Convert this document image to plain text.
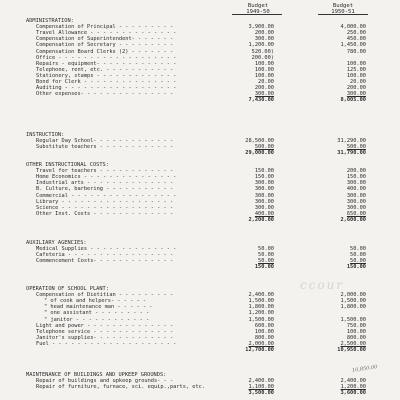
ccour
Budget
1949-50
Budget
1950-51
ADMINISTRATION:
Compensation of Principal - - - - - - - - -	3,900.00	4,000.00
Travel Allowance - - - - - - - - - - - - - -	200.00	250.00
Compensation of Superintendent- - - - - - -	300.00	450.00
Compensation of Secretary - - - - - - - - -	1,200.00	1,450.00
Compensation Board Clerks (2) - - - - - - -	520.00)	780.00
Office - - - - - - - - - - - - - - - - - - -	200.00)
Repairs - equipment- - - - - - - - - - - - -	100.00	100.00
Telephone, rent, etc. - - - - - - - - - - -	100.00	125.00
Stationery, stamps - - - - - - - - - - - - -	100.00	100.00
Bond for Clerk - - - - - - - - - - - - - - -	20.00	20.00
Auditing - - - - - - - - - - - - - - - - - -	200.00	200.00
Other expenses- - - - - - - - - - - - - - -	300.00	300.00
7,430.00	8,005.00
INSTRUCTION:
Regular Day School- - - - - - - - - - - - -	28,500.00	31,290.00
Substitute teachers - - - - - - - - - - - -	500.00	500.00
29,000.00	31,790.00
OTHER INSTRUCTIONAL COSTS:
Travel for teachers - - - - - - - - - - - -	150.00	200.00
Home Economics - - - - - - - - - - - - - - -	150.00	150.00
Industrial arts - - - - - - - - - - - - - -	300.00	300.00
B. Culture, barbering - - - - - - - - - - -	300.00	400.00
Commercial - - - - - - - - - - - - - - - - -	300.00	300.00
Library - - - - - - - - - - - - - - - - - -	300.00	300.00
Science - - - - - - - - - - - - - - - - - -	300.00	300.00
Other Inst. Costs - - - - - - - - - - - - -	400.00	650.00
2,200.00	2,600.00
AUXILIARY AGENCIES:
Medical Supplies - - - - - - - - - - - - - -	50.00	50.00
Cafeteria - - - - - - - - - - - - - - - - -	50.00	50.00
Commencement Costs- - - - - - - - - - - - -	50.00	50.00
150.00	150.00
OPERATION OF SCHOOL PLANT:
Compensation of Dietitian - - - - - - - - -	2,400.00	2,000.00
" of cook and helpers- - - - - -	1,500.00	1,500.00
" head maintenance man - - - - - -	1,800.00	1,800.00
" one assistant - - - - - - - - -	1,200.00
" janitor - - - - - - - - - - - -	1,500.00	1,500.00
Light and power - - - - - - - - - - - - - -	600.00	750.00
Telephone service - - - - - - - - - - - - -	100.00	100.00
Janitor's supplies- - - - - - - - - - - - -	800.00	800.00
Fuel - - - - - - - - - - - - - - - - - - - -	2,000.00	2,500.00
12,700.00	10,950.00
MAINTENANCE OF BUILDINGS AND UPKEEP GROUNDS:
Repair of buildings and upkeep grounds- - -	2,400.00	2,400.00
Repair of furniture, furnace, sci. equip.,parts, etc.	1,100.00	1,200.00
3,500.00	3,600.00
10,850.00
